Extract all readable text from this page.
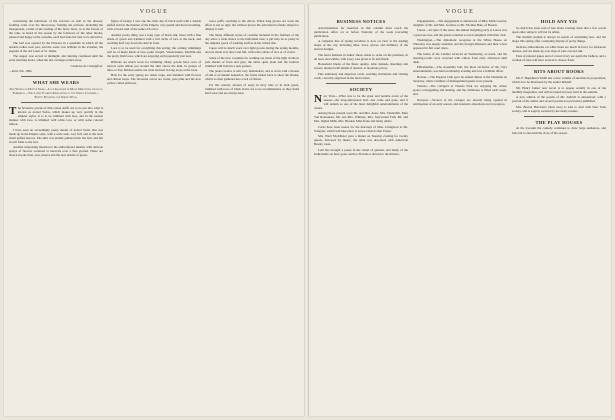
VOGUE

concerning the behaviour of the warriors as well as the dresses; forming order over the throwaway, framing the pictures, including the masquerade, a kind of the reading of the fancy dress, as to the favour of the rank, as heard in the season by the followers of the other modes, pleased and happy at the costume, each had done her best to be attractive.

The ball was opened by the Princess in a quadrille in which all the notable ladies took part, and the scene was brilliant in the extreme; the pageant of the old Court of St. James.

The supper was served at midnight, and dancing continued until the early morning hours, when the last carriages rolled away.

Comtesse de Champfleur.

—Paris, Feb. 1892.

WHAT SHE WEARS

Idle Words on Dotted Swiss—Lace Ap-pliqué in Many Directions for Lace Trimmings—The Latest Fashion Revelations of the Street Costumes—Pretty Novelties for Spring Wear.

T he favourite gowns of thin cotton stuffs are to be put into what is known as dotted Swiss, which makes up very prettily in the simpler styles. It is to be trimmed with lace, and in the neatest manner with lace, is trimmed with white lace, or with some colored ribbon.

I have seen an exceedingly pretty model of dotted Swiss that was made up in the Empire style, with a wide sash, very full, and at the neck small puffed sleeves. The skirt was plainly gathered into the belt, and fell in soft folds to the feet.

Another interesting material is the embroidered muslin, with delicate sprays of flowers scattered at intervals over a fine ground. These are shown in pale blue, rose, mauve and the new shades of green.

figure of beauty. I saw one the other day of black satin with a double puffed skirt in the manner of the Empire, very quaint and most becoming, with a broad sash of the same rich color.

Another pretty thing was a long cape of black silk, lined with a fine shade of green and trimmed with a full ruche of lace at the neck, and reaching half way down the skirt in front.

Lace is to be used for everything this spring; the coming trimmings will be of many kinds of lace, point d'esprit, Valenciennes, Mechlin and the pretty Irish laces, which are enjoying such popularity just now.

Ribbons are much worn for trimming. Many gowns have rows of narrow satin ribbon put around the skirt above the hem, in groups of three or five. Ribbon sashes are wide and tied in long loops at the back.

Hats for the early spring are rather large, and trimmed with flowers and ribbon loops. The favourite colors are violet, pale pink and the new yellow called primrose.

ronce puffs, reaching to the elbow. When long gloves are worn the effect is not so ugly, but without gloves the arm must be finely shaped to display it well.

The many different styles of costume included in the fashions of the day allow a wide choice to the individual taste; a girl may be as pretty in the simplest gown of washing stuff as in the richest silk.

Capes will be much worn over light gowns during the spring months, and are made very short and full, with wide collars of lace or of velvet.

Some of the new costumes for walking are made of the light cloths in pale shades of fawn and grey, the skirts quite plain and the bodices trimmed with braid in a neat pattern.

The jacket bodice is still very fashionable, and is worn with a blouse of silk or of muslin beneath it, the fronts turned back to show the blouse, which is often gathered into a belt of ribbon.

For the country, dresses of serge in navy blue or in dark green, trimmed with rows of black braid, are to be recommended, as they stand hard wear and are always neat.

VOGUE

BUSINESS NOTICES

Advertisements for insertion in this column must reach the publication office on or before Saturday of the week preceding publication.

A complete line of spring novelties is now on view at the leading shops of the city, including silks, laces, gloves and millinery of the newest designs.

The latest fashions in ladies' shoes, made to order on the premises, in all sizes and widths, with every care given to fit and finish.

Household linens of the finest quality, table damask, sheetings and towels, marked with initials if desired, at moderate prices.

Fine stationery and engraved cards, wedding invitations and visiting cards, correctly engraved in the latest styles.

SOCIETY

N ew York.—What was to be the great and notable event of the season—the long-anticipated ball—has come and gone, and it will remain as one of the most delightful entertainments of the winter.

Among those present were Mr. and Mrs. Astor, Mrs. Vanderbilt, Miss Van Rensselaer, Mr. and Mrs. Whitney, Mrs. Stuyvesant Fish, Mr. and Mrs. Ogden Mills, Mrs. Burden, Miss Kane and many others.

Cards have been issued for the marriage of Miss Livingston to Mr. Schuyler, which will take place at Grace Church after Easter.

Mrs. Ward McAllister gave a dinner on Tuesday evening for twenty guests, followed by music; the table was decorated with American Beauty roses.

Lent has brought a pause in the round of gaieties, and many of the fashionable set have gone south to Florida or abroad to the Riviera.

Engagements.—The engagement is announced of Miss Edith Gordon, daughter of Mr. and Mrs. Gordon, to Mr. Thomas Hale, of Boston.

Lenox.—In spite of the snow, the annual sleighing party at Lenox was a great success, and the guests returned to town delighted with their visit.

Washington.—The diplomatic reception at the White House on Thursday was largely attended, and the foreign ministers and their wives appeared in full court dress.

The ladies of the Cabinet received on Wednesday, as usual, and the drawing-rooms were crowded with callers from early afternoon until dusk.

Philadelphia.—The Assembly ball, the most exclusive of the city's entertainments, was held on Monday evening and was a brilliant affair.

Boston.—The Papyrus Club gave its annual dinner at the Vendome on Saturday, when a number of distinguished guests were present.

Tuxedo.—The cottagers at Tuxedo Park are enjoying the winter sports, tobogganing and skating, and the clubhouse is filled each week-end.

Newport.—Several of the cottages are already being opened in anticipation of an early season, and extensive alterations are in progress.

HOLD ANY YIS

So much has been said of late about evening dress that a few words upon other subjects will not be amiss.

The modish woman is always in search of something new, and the shops this spring offer a tempting display of pretty things.

Delicate embroideries on white linen are much in favor for afternoon dresses, and are made up over slips of pale colored silk.

Fans of painted gauze and of carved ivory are again the fashion, and a woman of taste will have several to choose from.

BITS ABOUT BOOKS

Mr. F. Hopkinson Smith has a new volume of sketches in preparation, which is to be illustrated by the author himself.

Mr. Henry James' new novel is to appear serially in one of the monthly magazines, and will be issued in book form in the autumn.

A new edition of the poems of Mr. Aldrich is announced, with a portrait of the author and several poems not previously published.

Mrs. Burton Harrison's latest story is said to deal with New York society, and is eagerly awaited by her many readers.

THE PLAY HOUSES

At the Lyceum the comedy continues to draw large audiences, and bids fair to run until the close of the season.
